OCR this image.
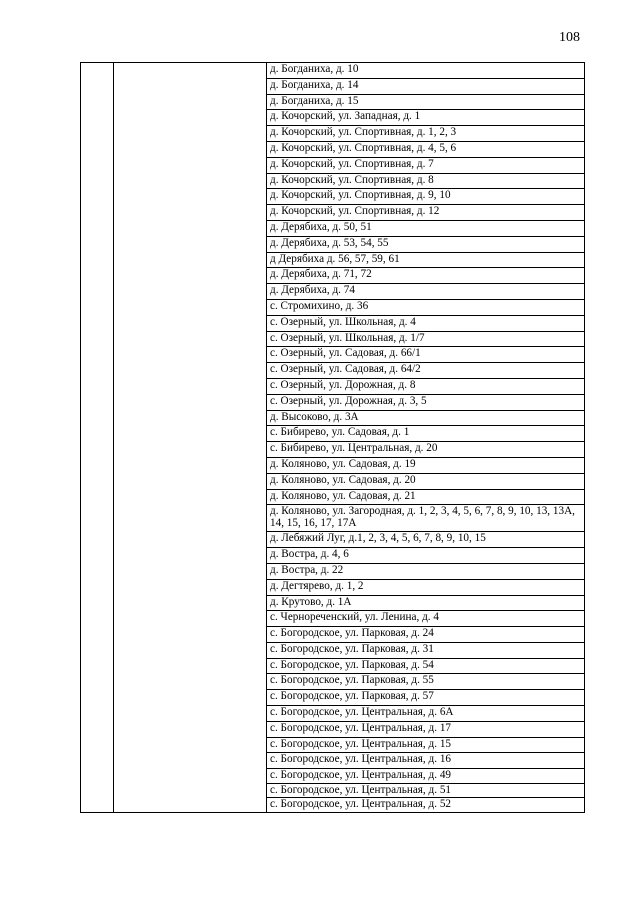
108
		д. Богданиха, д. 10
д. Богданиха, д. 14
д. Богданиха, д. 15
д. Кочорский, ул. Западная, д. 1
д. Кочорский, ул. Спортивная, д. 1, 2, 3
д. Кочорский, ул. Спортивная, д. 4, 5, 6
д. Кочорский, ул. Спортивная, д. 7
д. Кочорский, ул. Спортивная, д. 8
д. Кочорский, ул. Спортивная, д. 9, 10
д. Кочорский, ул. Спортивная, д. 12
д. Дерябиха, д. 50, 51
д. Дерябиха, д. 53, 54, 55
д Дерябиха д. 56, 57, 59, 61
д. Дерябиха, д. 71, 72
д. Дерябиха, д. 74
с. Стромихино, д. 36
с. Озерный, ул. Школьная, д. 4
с. Озерный, ул. Школьная, д. 1/7
с. Озерный, ул. Садовая, д. 66/1
с. Озерный, ул. Садовая, д. 64/2
с. Озерный, ул. Дорожная, д. 8
с. Озерный, ул. Дорожная, д. 3, 5
д. Высоково, д. 3А
с. Бибирево, ул. Садовая, д. 1
с. Бибирево, ул. Центральная, д. 20
д. Коляново, ул. Садовая, д. 19
д. Коляново, ул. Садовая, д. 20
д. Коляново, ул. Садовая, д. 21
д. Коляново, ул. Загородная, д. 1, 2, 3, 4, 5, 6, 7, 8, 9, 10, 13, 13А, 14, 15, 16, 17, 17А
д. Лебяжий Луг, д.1, 2, 3, 4, 5, 6, 7, 8, 9, 10, 15
д. Востра, д. 4, 6
д. Востра, д. 22
д. Дегтярево, д. 1, 2
д. Крутово, д. 1А
с. Чернореченский, ул. Ленина, д. 4
с. Богородское, ул. Парковая, д. 24
с. Богородское, ул. Парковая, д. 31
с. Богородское, ул. Парковая, д. 54
с. Богородское, ул. Парковая, д. 55
с. Богородское, ул. Парковая, д. 57
с. Богородское, ул. Центральная, д. 6А
с. Богородское, ул. Центральная, д. 17
с. Богородское, ул. Центральная, д. 15
с. Богородское, ул. Центральная, д. 16
с. Богородское, ул. Центральная, д. 49
с. Богородское, ул. Центральная, д. 51
с. Богородское, ул. Центральная, д. 52
